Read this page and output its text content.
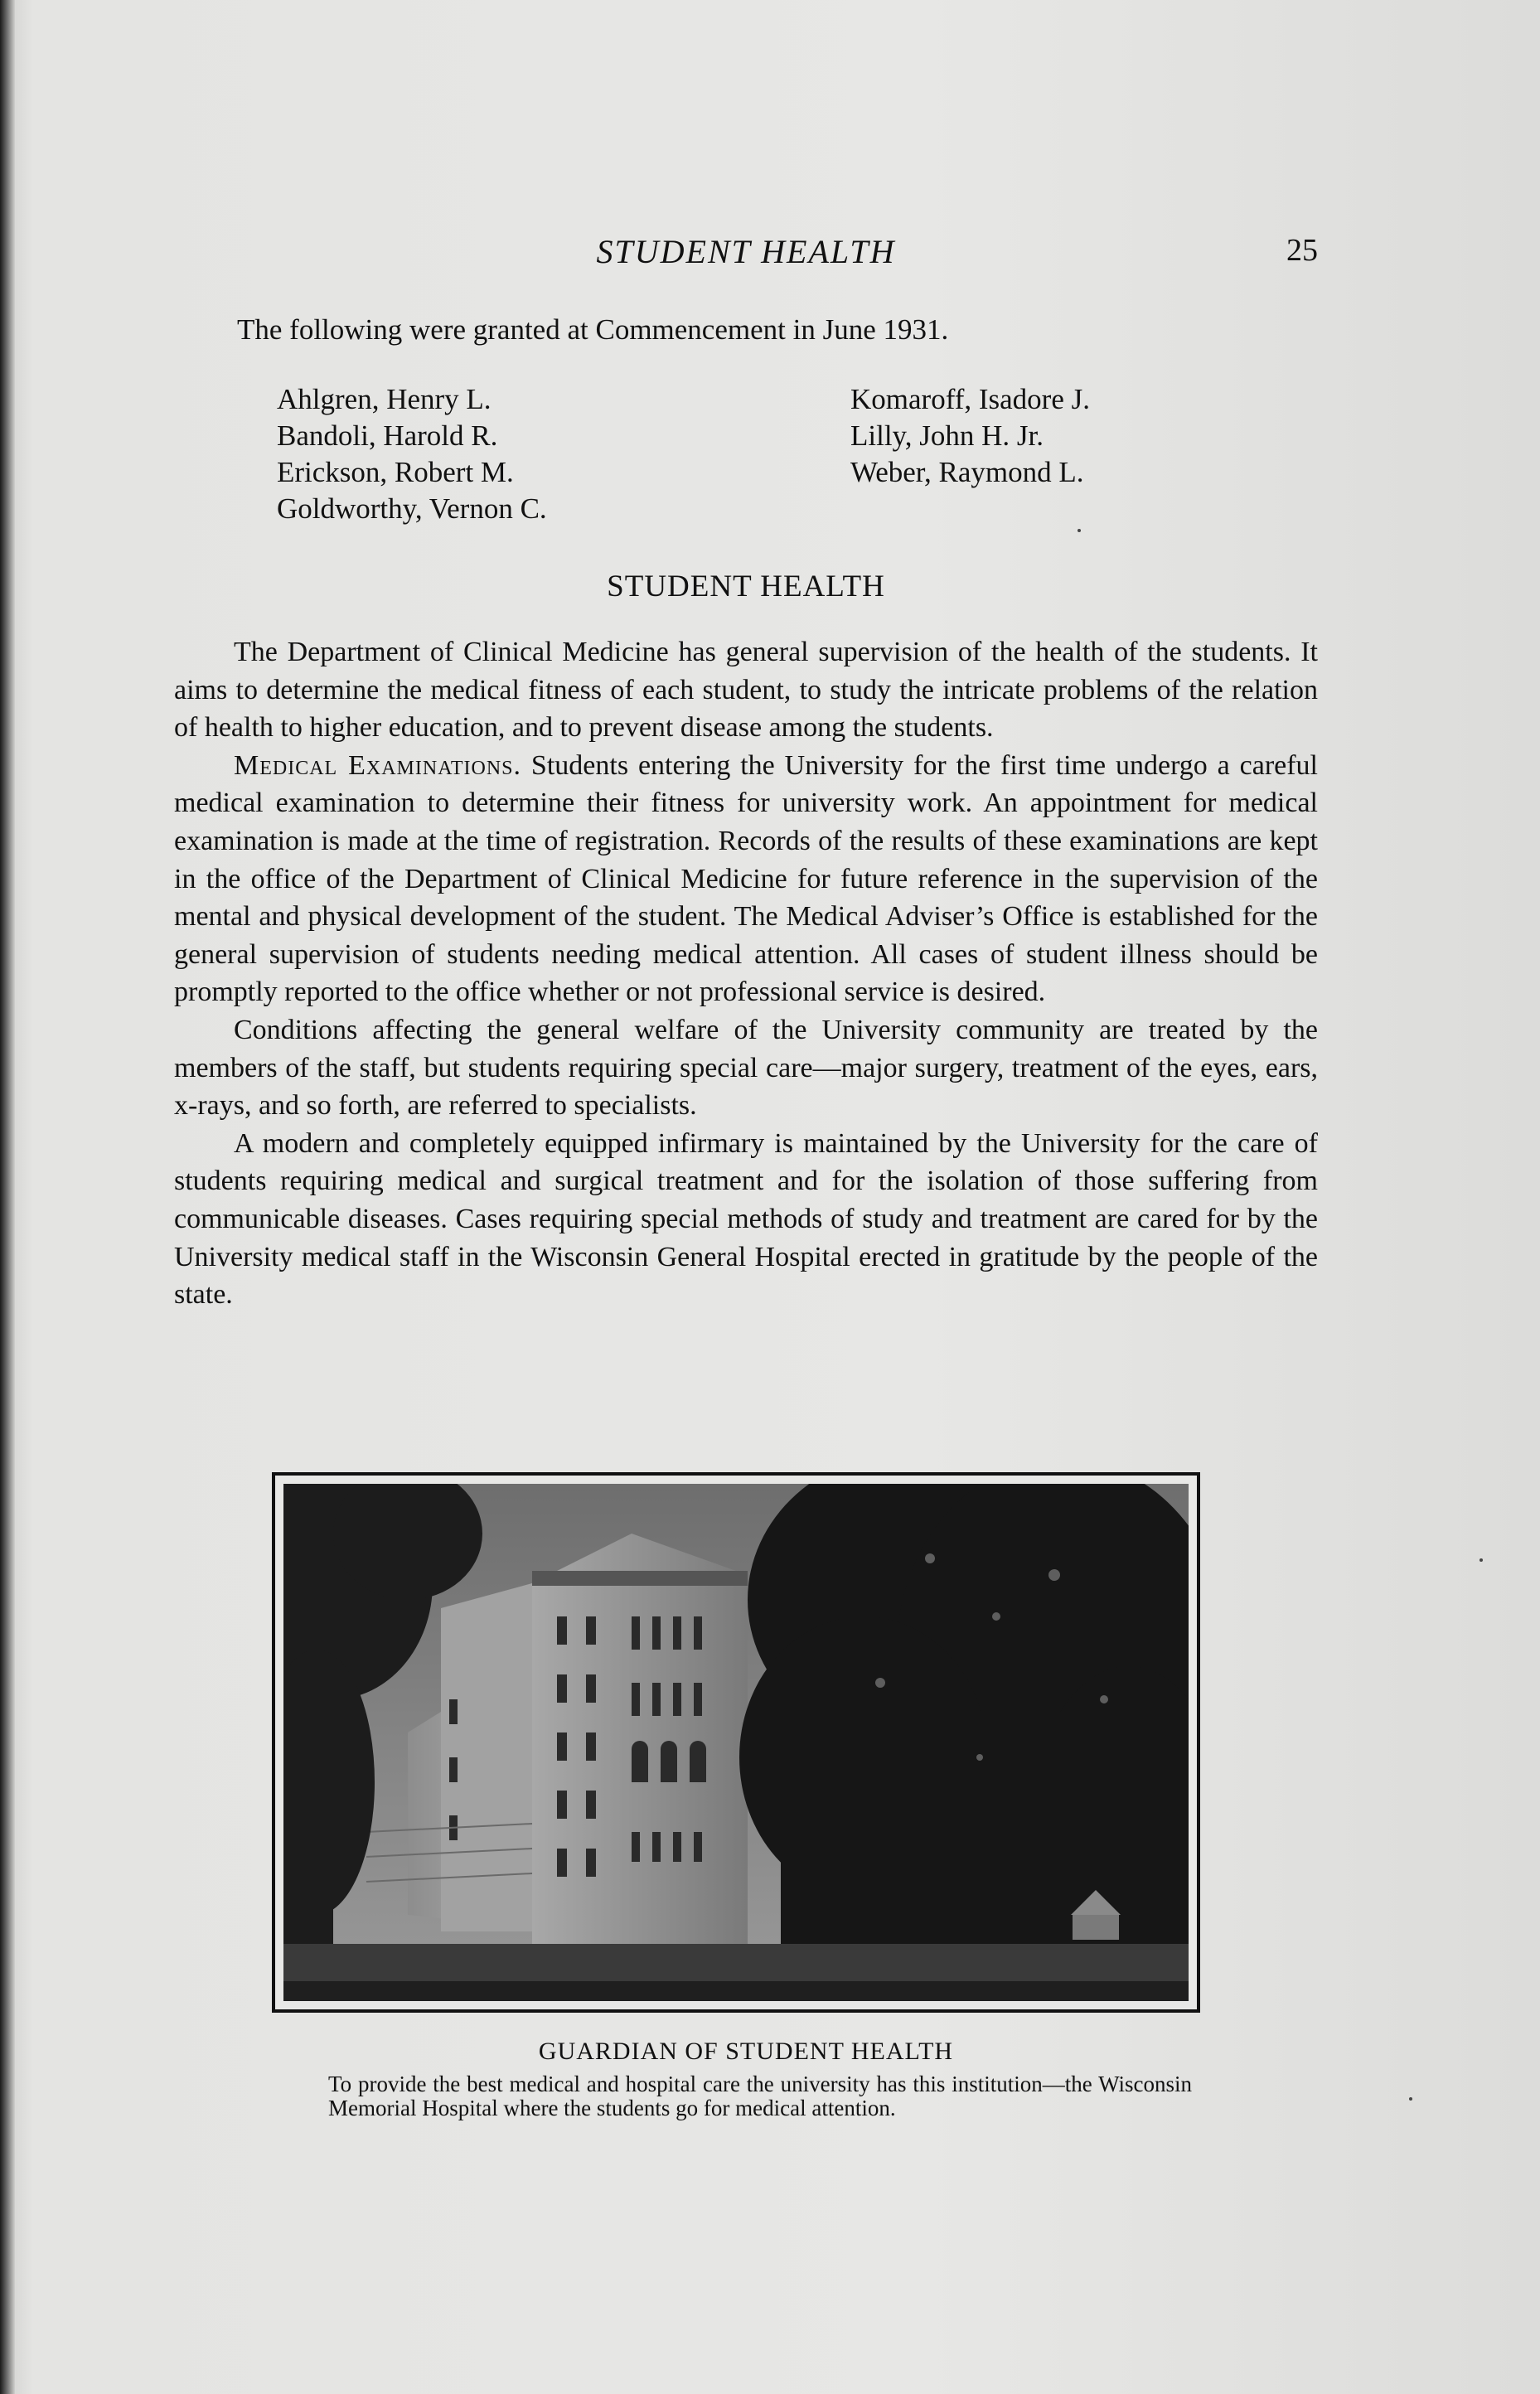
STUDENT HEALTH	25
The following were granted at Commencement in June 1931.
Ahlgren, Henry L.
Bandoli, Harold R.
Erickson, Robert M.
Goldworthy, Vernon C.
Komaroff, Isadore J.
Lilly, John H. Jr.
Weber, Raymond L.
STUDENT HEALTH

The Department of Clinical Medicine has general supervision of the health of the students. It aims to determine the medical fitness of each student, to study the intricate problems of the relation of health to higher education, and to prevent disease among the students.

Medical Examinations. Students entering the University for the first time undergo a careful medical examination to determine their fitness for university work. An appointment for medical examination is made at the time of registration. Records of the results of these examinations are kept in the office of the Department of Clinical Medicine for future reference in the supervision of the mental and physical development of the student. The Medical Adviser’s Office is established for the general supervision of students needing medical attention. All cases of student illness should be promptly reported to the office whether or not professional service is desired.

Conditions affecting the general welfare of the University community are treated by the members of the staff, but students requiring special care—major surgery, treatment of the eyes, ears, x-rays, and so forth, are referred to specialists.

A modern and completely equipped infirmary is maintained by the University for the care of students requiring medical and surgical treatment and for the isolation of those suffering from communicable diseases. Cases requiring special methods of study and treatment are cared for by the University medical staff in the Wisconsin General Hospital erected in gratitude by the people of the state.

GUARDIAN OF STUDENT HEALTH
To provide the best medical and hospital care the university has this institution—the Wisconsin Memorial Hospital where the students go for medical attention.
